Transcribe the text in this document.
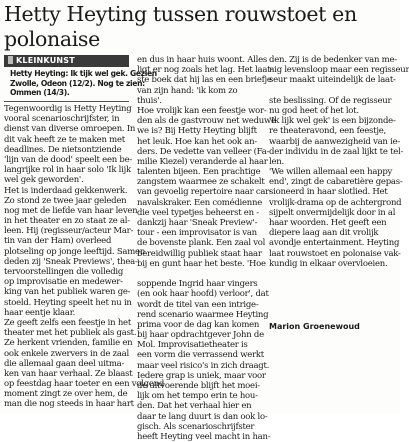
Hetty Heyting tussen rouwstoet en
polonaise
KLEINKUNST
Hetty Heyting: Ik tijk wel gek. Gezien
Zwolle, Odeon (12/2). Nog te zien:
Ommen (14/3).
Tegenwoordig is Hetty Heyting
vooral scenarioschrijfster, in
dienst van diverse omroepen. In
dit vak heeft ze te maken met
deadlines. De nietsontziende
'lijn van de dood' speelt een be-
langrijke rol in haar solo 'Ik lijk
wel gek geworden'.
Het is inderdaad gekkenwerk.
Zo stond ze twee jaar geleden
nog met de liefde van haar leven
in het theater en zo staat ze al-
leen. Hij (regisseur/acteur Mar-
tin van der Ham) overleed
plotseling op jonge leeftijd. Samen
deden zij 'Sneak Previews', thea-
tervoorstellingen die volledig
op improvisatie en medewer-
king van het publiek waren ge-
stoeld. Heyting speelt het nu in
haar eentje klaar.
Ze geeft zelfs een feestje in het
theater met het publiek als gast.
Ze herkent vrienden, familie en
ook enkele zwervers in de zaal
die allemaal gaan deel uitma-
ken van haar verhaal. Ze blaast
op feestdag haar toeter en een volgend
moment zingt ze over hem, de
man die nog steeds in haar hart
en dus in haar huis woont. Alles
ligt er nog zoals het lag. Het laat-
ste boek dat hij las en een briefje
van zijn hand: 'ik kom zo
thuis'.
Hoe vrolijk kan een feestje wor-
den als de gastvrouw net weduwe
we is? Bij Hetty Heyting blijft
het leuk. Hoe kan het ook an-
ders. De vedette van velleer (Fa-
milie Kiezel) veranderde al haar
talenten bijeen. Een prachtige
zangstem waarmee ze schakelt
van gevoelig repertoire naar car-
navalskraker. Een comédienne
die veel typetjes beheerst en -
dankzij haar 'Sneak Preview'-
tour - een improvisator is van
de bovenste plank. Een zaal vol
bereidwillig publiek staat haar
bij en gunt haar het beste. 'Hoe
soppende Ingrid haar vingers
(en ook haar hoofd) verloor', dat
wordt de titel van een intrige-
rend scenario waarmee Heyting
prima voor de dag kan komen
bij haar opdrachtgever John de
Mol. Improvisatietheater is
een vorm die verrassend werkt
maar veel risico's in zich draagt.
Iedere grap is uniek, maar voor
de uitvoerende blijft het moei-
lijk om het tempo erin te hou-
den. Dat het verhaal hier en
daar te lang duurt is dan ook lo-
gisch. Als scenarioschrijfster
heeft Heyting veel macht in han-
den. Zij is de bedenker van me-
nig levensloop maar een regisseur
seur maakt uiteindelijk de laat-
ste beslissing. Of de regisseur
nu god heet of het lot.
'Ik lijk wel gek' is een bijzonde-
re theateravond, een feestje,
waarbij de aanwezigheid van ie-
der individu in de zaal lijkt te tel-
len.
'We willen allemaal een happy
end', zingt de cabaretière gepas-
sioneerd in haar slotlied. Het
vrolijk-drama op de achtergrond
sijpelt onvermijdelijk door in al
haar woorden. Het geeft een
diepere laag aan dit vrolijk
avondje entertainment. Heyting
laat rouwstoet en polonaise vak-
kundig in elkaar overvloeien.
Marion Groenewoud
